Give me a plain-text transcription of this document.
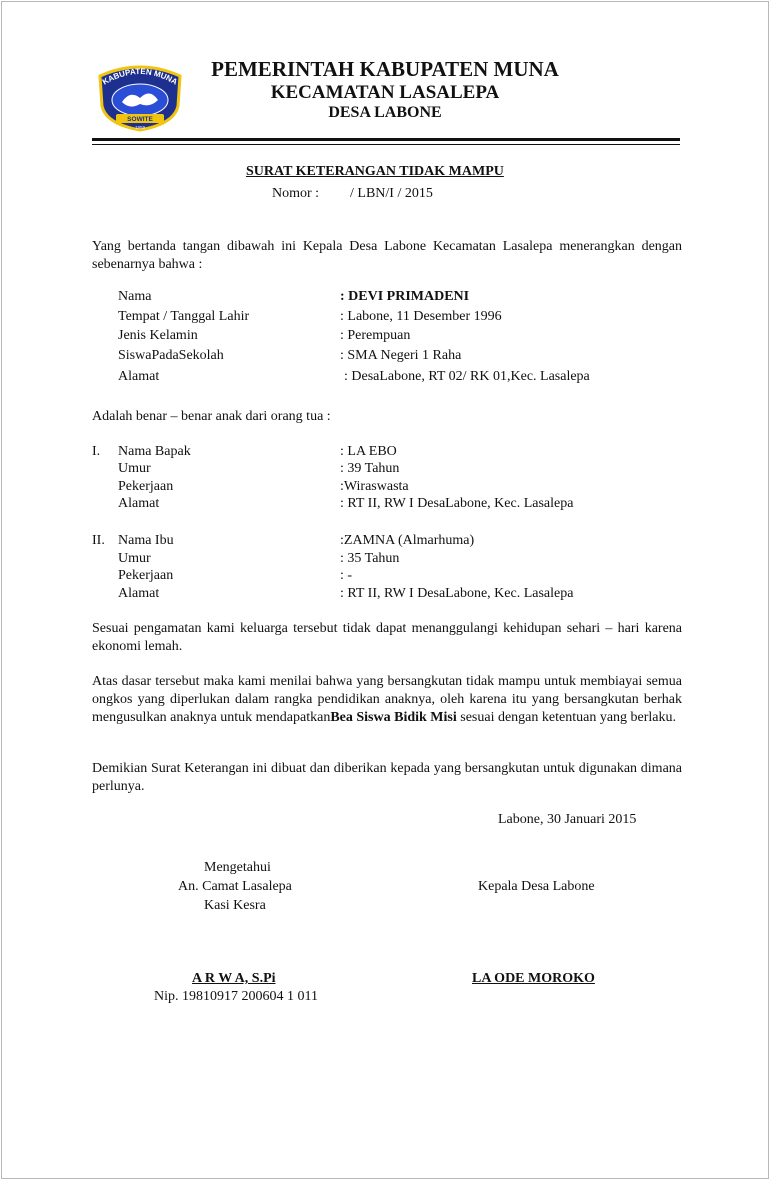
KABUPATEN MUNA
SOWITE
1959
PEMERINTAH KABUPATEN MUNA
KECAMATAN LASALEPA
DESA LABONE
SURAT KETERANGAN TIDAK MAMPU
Nomor : / LBN/I / 2015
Yang bertanda tangan dibawah ini Kepala Desa Labone Kecamatan Lasalepa menerangkan dengan sebenarnya bahwa :
Nama	: DEVI PRIMADENI
Tempat / Tanggal Lahir	: Labone, 11 Desember 1996
Jenis Kelamin	: Perempuan
SiswaPadaSekolah	: SMA Negeri 1 Raha
Alamat	: DesaLabone, RT 02/ RK 01,Kec. Lasalepa
Adalah benar – benar anak dari orang tua :
I. Nama Bapak	: LA EBO
Umur	: 39 Tahun
Pekerjaan	:Wiraswasta
Alamat	: RT II, RW I DesaLabone, Kec. Lasalepa
II. Nama Ibu	:ZAMNA (Almarhuma)
Umur	: 35 Tahun
Pekerjaan	: -
Alamat	: RT II, RW I DesaLabone, Kec. Lasalepa
Sesuai pengamatan kami keluarga tersebut tidak dapat menanggulangi kehidupan sehari – hari karena ekonomi lemah.
Atas dasar tersebut maka kami menilai bahwa yang bersangkutan tidak mampu untuk membiayai semua ongkos yang diperlukan dalam rangka pendidikan anaknya, oleh karena itu yang bersangkutan berhak mengusulkan anaknya untuk mendapatkanBea Siswa Bidik Misi sesuai dengan ketentuan yang berlaku.
Demikian Surat Keterangan ini dibuat dan diberikan kepada yang bersangkutan untuk digunakan dimana perlunya.
Labone, 30 Januari 2015
Mengetahui
An. Camat Lasalepa
Kasi Kesra
Kepala Desa Labone
A R W A, S.Pi
Nip. 19810917 200604 1 011
LA ODE MOROKO
